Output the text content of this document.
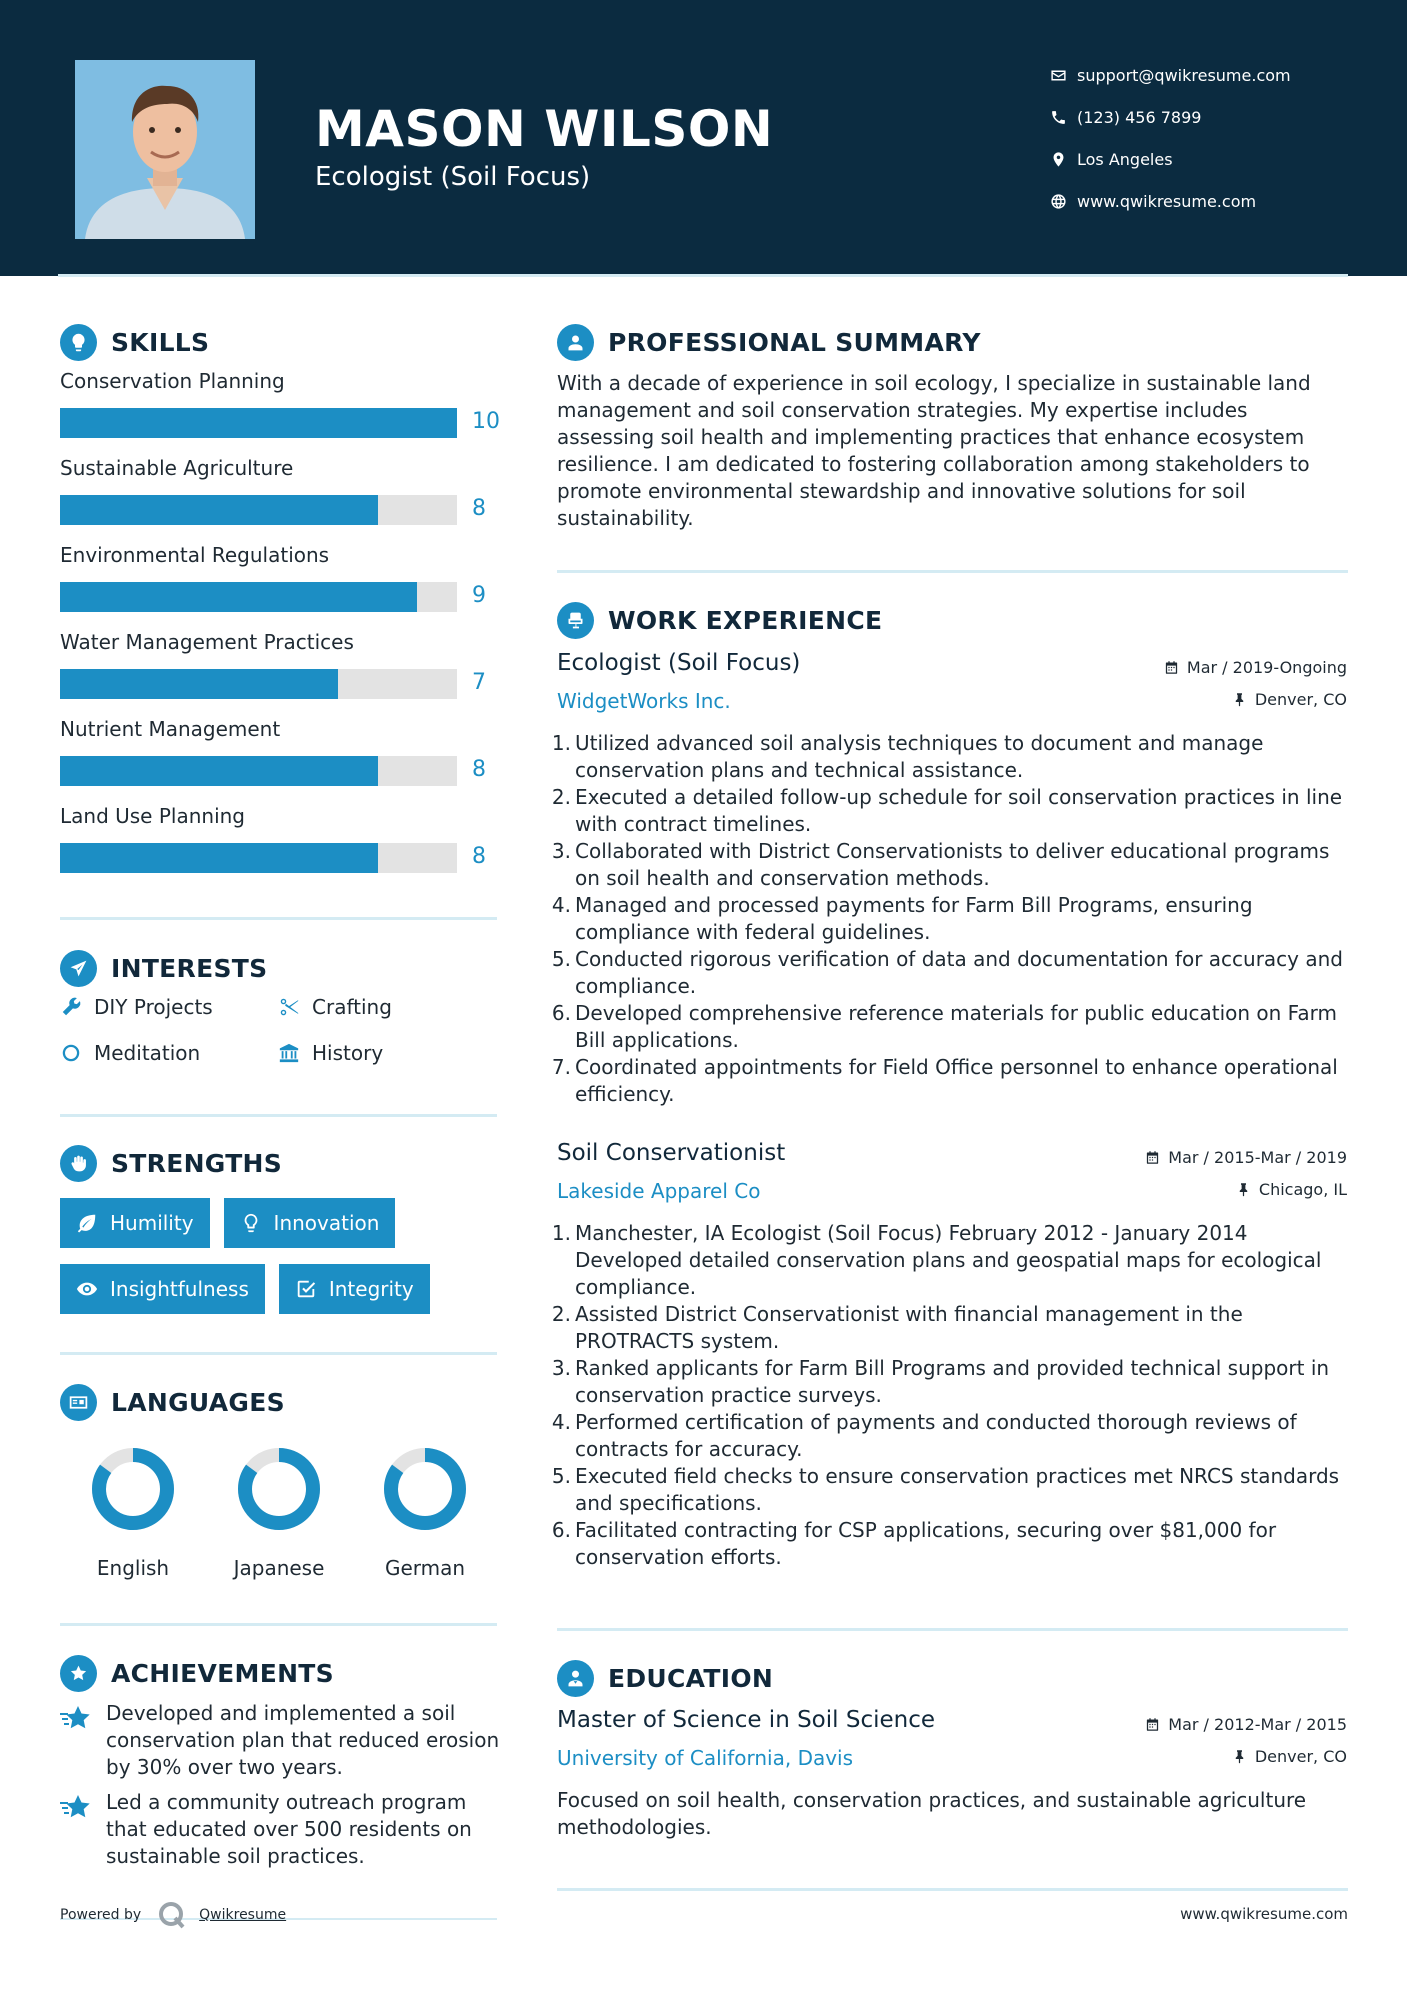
MASON WILSON
Ecologist (Soil Focus)
support@qwikresume.com
(123) 456 7899
Los Angeles
www.qwikresume.com
SKILLS
Conservation Planning
10
Sustainable Agriculture
8
Environmental Regulations
9
Water Management Practices
7
Nutrient Management
8
Land Use Planning
8
INTERESTS
DIY Projects	Crafting
Meditation	History
STRENGTHS
Humility	Innovation
Insightfulness	Integrity
LANGUAGES
English	Japanese	German
ACHIEVEMENTS
Developed and implemented a soil conservation plan that reduced erosion by 30% over two years.
Led a community outreach program that educated over 500 residents on sustainable soil practices.
Powered by	Qwikresume
PROFESSIONAL SUMMARY
With a decade of experience in soil ecology, I specialize in sustainable land management and soil conservation strategies. My expertise includes assessing soil health and implementing practices that enhance ecosystem resilience. I am dedicated to fostering collaboration among stakeholders to promote environmental stewardship and innovative solutions for soil sustainability.
WORK EXPERIENCE
Ecologist (Soil Focus)
WidgetWorks Inc.
Mar / 2019-Ongoing
Denver, CO
1. Utilized advanced soil analysis techniques to document and manage conservation plans and technical assistance.
2. Executed a detailed follow-up schedule for soil conservation practices in line with contract timelines.
3. Collaborated with District Conservationists to deliver educational programs on soil health and conservation methods.
4. Managed and processed payments for Farm Bill Programs, ensuring compliance with federal guidelines.
5. Conducted rigorous verification of data and documentation for accuracy and compliance.
6. Developed comprehensive reference materials for public education on Farm Bill applications.
7. Coordinated appointments for Field Office personnel to enhance operational efficiency.
Soil Conservationist
Lakeside Apparel Co
Mar / 2015-Mar / 2019
Chicago, IL
1. Manchester, IA Ecologist (Soil Focus) February 2012 - January 2014 Developed detailed conservation plans and geospatial maps for ecological compliance.
2. Assisted District Conservationist with financial management in the PROTRACTS system.
3. Ranked applicants for Farm Bill Programs and provided technical support in conservation practice surveys.
4. Performed certification of payments and conducted thorough reviews of contracts for accuracy.
5. Executed field checks to ensure conservation practices met NRCS standards and specifications.
6. Facilitated contracting for CSP applications, securing over $81,000 for conservation efforts.
EDUCATION
Master of Science in Soil Science
University of California, Davis
Mar / 2012-Mar / 2015
Denver, CO
Focused on soil health, conservation practices, and sustainable agriculture methodologies.
www.qwikresume.com
